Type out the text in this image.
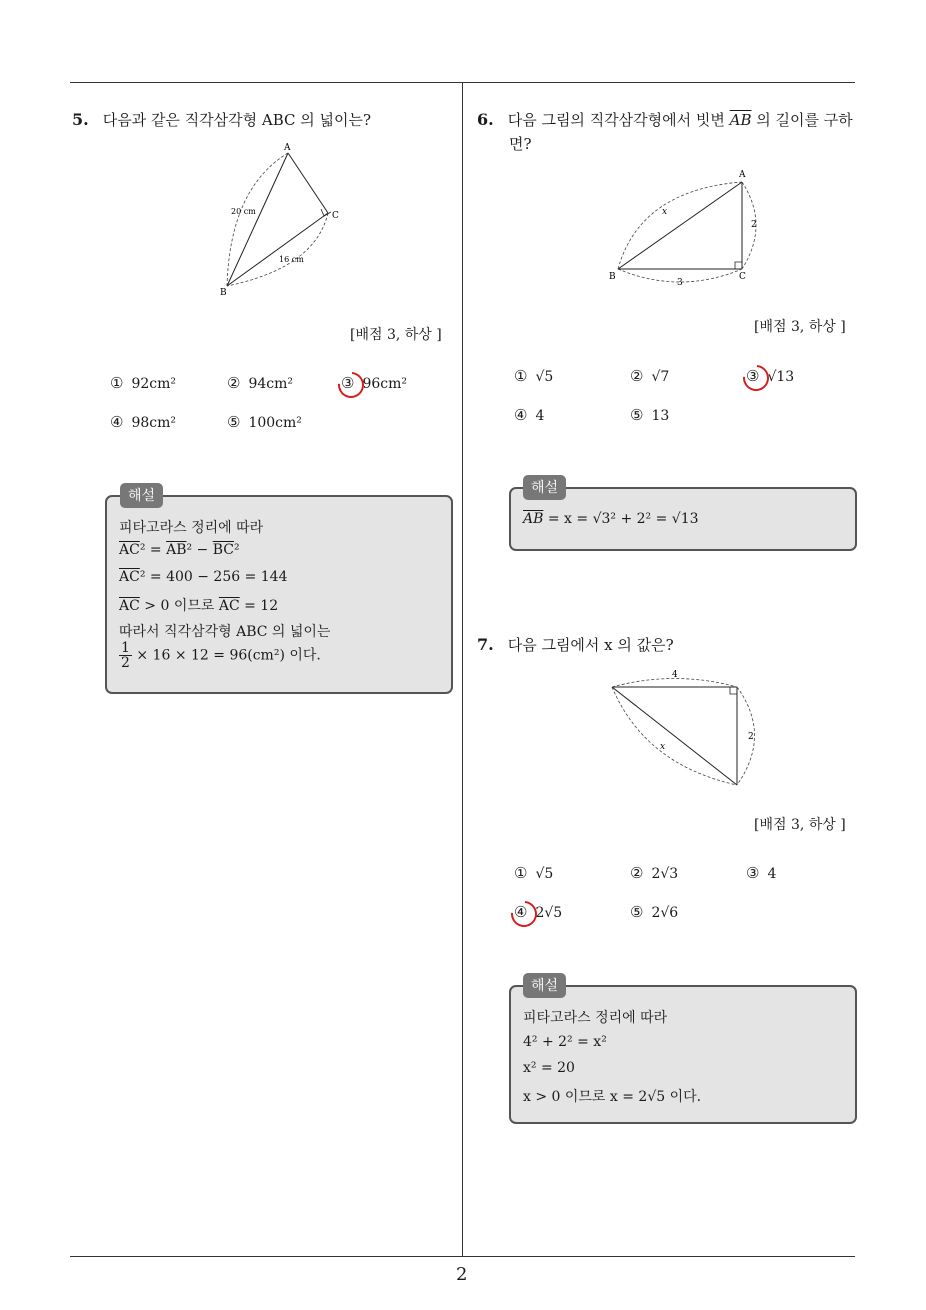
2
5. 다음과 같은 직각삼각형 ABC 의 넓이는?
A
B
C
20 cm
16 cm
[배점 3, 하상 ]
① 92cm²	② 94cm²	③ 96cm²
④ 98cm²	⑤ 100cm²
피타고라스 정리에 따라
$\overline{AC}^2 = \overline{AB}^2 - \overline{BC}^2$
$\overline{AC}^2 = 400 - 256 = 144$
$\overline{AC} > 0$ 이므로 $\overline{AC} = 12$
따라서 직각삼각형 ABC 의 넓이는
$\frac{1}{2} \times 16 \times 12 = 96(cm^2)$ 이다.
해설
6. 다음 그림의 직각삼각형에서 빗변 $\overline{AB}$ 의 길이를 구하
면?
A
B	C
x
2
3
[배점 3, 하상 ]
① √5	② √7	③ √13
④ 4	⑤ 13
$\overline{AB} = x = √3^2 + 2^2 = √13$
해설
7. 다음 그림에서 x 의 값은?
4
2
x
[배점 3, 하상 ]
① √5	② 2√3	③ 4
④ 2√5	⑤ 2√6
피타고라스 정리에 따라
4² + 2² = x²
x² = 20
x > 0 이므로 x = 2√5 이다.
해설
